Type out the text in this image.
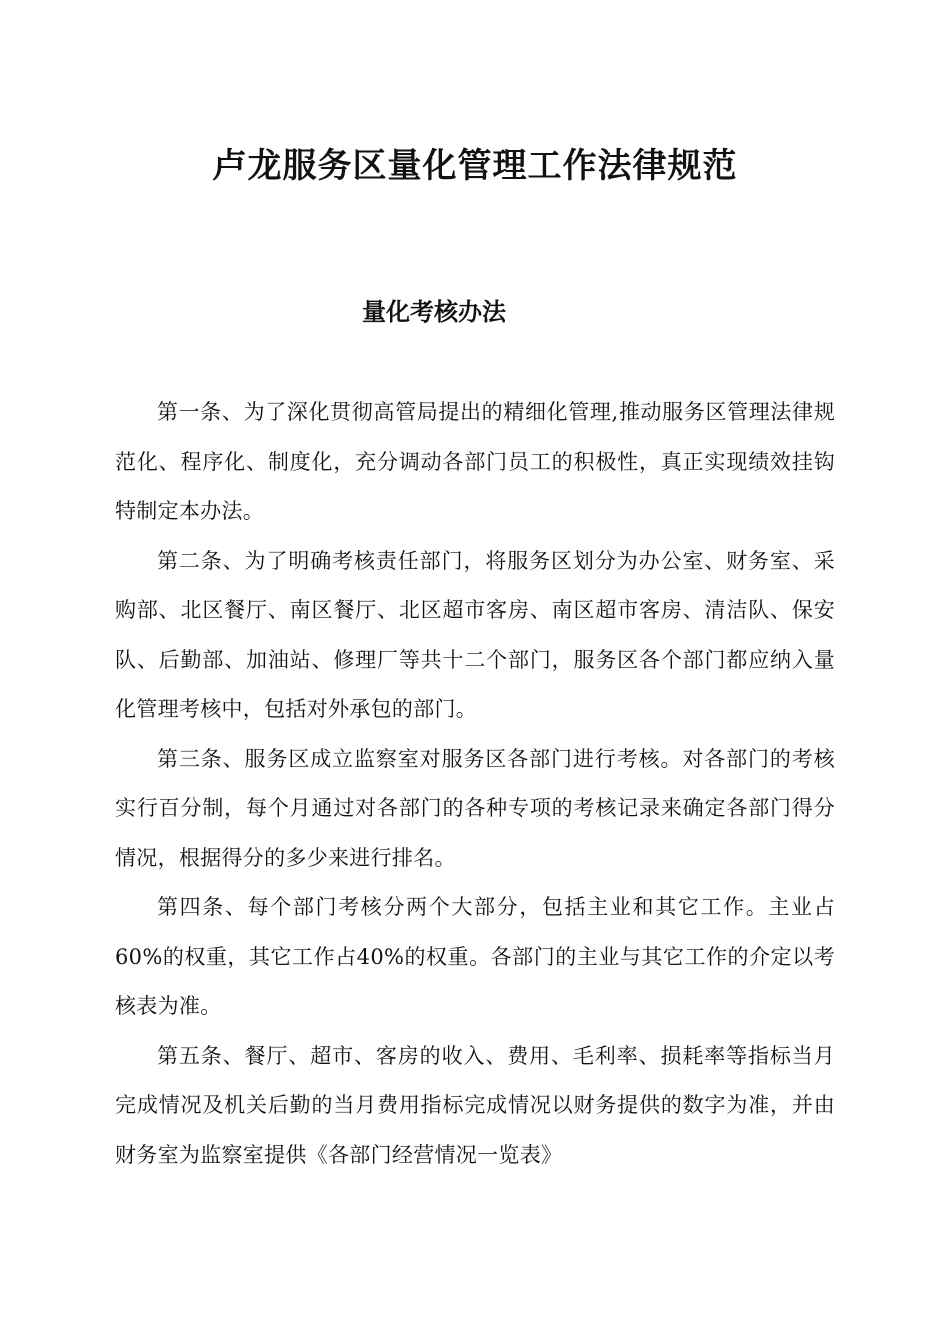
卢龙服务区量化管理工作法律规范
量化考核办法

第一条、为了深化贯彻高管局提出的精细化管理,推动服务区管理法律规范化、程序化、制度化，充分调动各部门员工的积极性，真正实现绩效挂钩特制定本办法。

第二条、为了明确考核责任部门，将服务区划分为办公室、财务室、采购部、北区餐厅、南区餐厅、北区超市客房、南区超市客房、清洁队、保安队、后勤部、加油站、修理厂等共十二个部门，服务区各个部门都应纳入量化管理考核中，包括对外承包的部门。

第三条、服务区成立监察室对服务区各部门进行考核。对各部门的考核实行百分制，每个月通过对各部门的各种专项的考核记录来确定各部门得分情况，根据得分的多少来进行排名。

第四条、每个部门考核分两个大部分，包括主业和其它工作。主业占60%的权重，其它工作占40%的权重。各部门的主业与其它工作的介定以考核表为准。

第五条、餐厅、超市、客房的收入、费用、毛利率、损耗率等指标当月完成情况及机关后勤的当月费用指标完成情况以财务提供的数字为准，并由财务室为监察室提供《各部门经营情况一览表》
